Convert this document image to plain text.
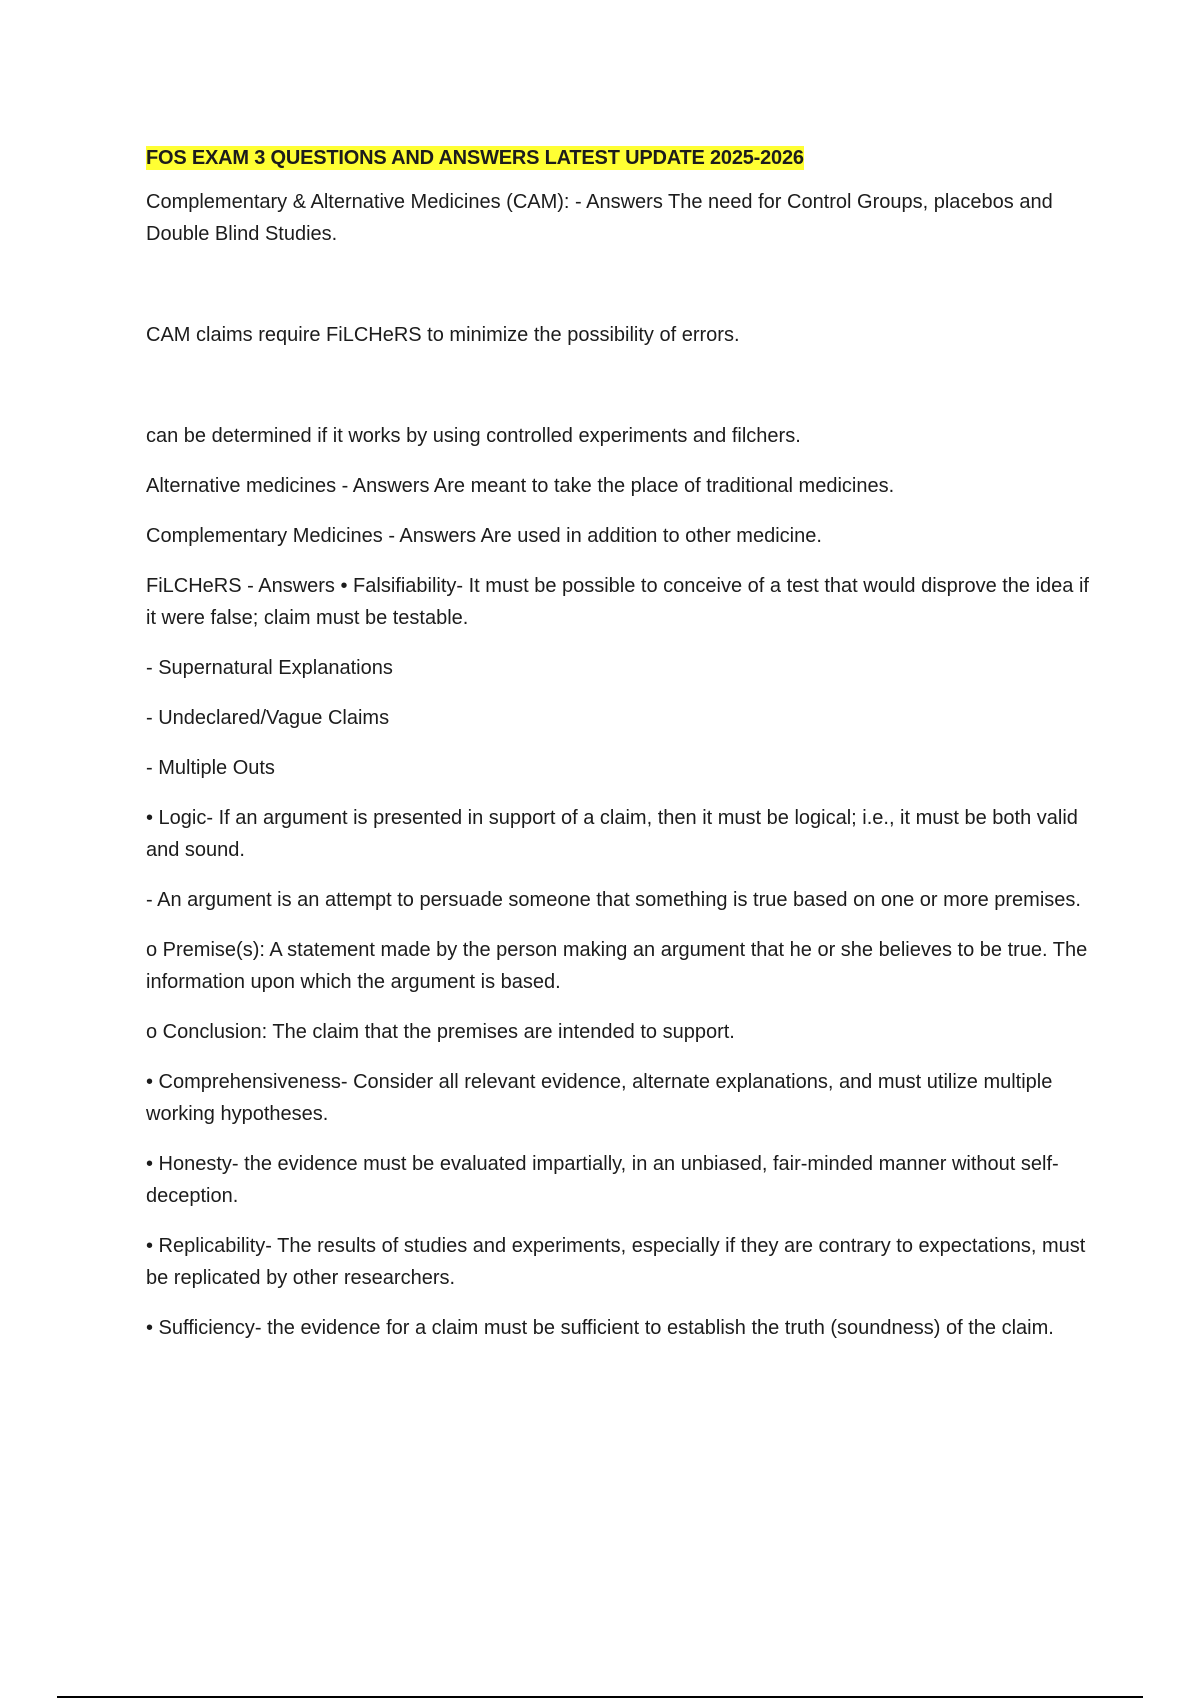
FOS EXAM 3 QUESTIONS AND ANSWERS LATEST UPDATE 2025-2026

Complementary & Alternative Medicines (CAM): - Answers The need for Control Groups, placebos and Double Blind Studies.

CAM claims require FiLCHeRS to minimize the possibility of errors.

can be determined if it works by using controlled experiments and filchers.

Alternative medicines - Answers Are meant to take the place of traditional medicines.

Complementary Medicines - Answers Are used in addition to other medicine.

FiLCHeRS - Answers • Falsifiability- It must be possible to conceive of a test that would disprove the idea if it were false; claim must be testable.

- Supernatural Explanations

- Undeclared/Vague Claims

- Multiple Outs

• Logic- If an argument is presented in support of a claim, then it must be logical; i.e., it must be both valid and sound.

- An argument is an attempt to persuade someone that something is true based on one or more premises.

o Premise(s): A statement made by the person making an argument that he or she believes to be true. The information upon which the argument is based.

o Conclusion: The claim that the premises are intended to support.

• Comprehensiveness- Consider all relevant evidence, alternate explanations, and must utilize multiple working hypotheses.

• Honesty- the evidence must be evaluated impartially, in an unbiased, fair-minded manner without self-deception.

• Replicability- The results of studies and experiments, especially if they are contrary to expectations, must be replicated by other researchers.

• Sufficiency- the evidence for a claim must be sufficient to establish the truth (soundness) of the claim.
